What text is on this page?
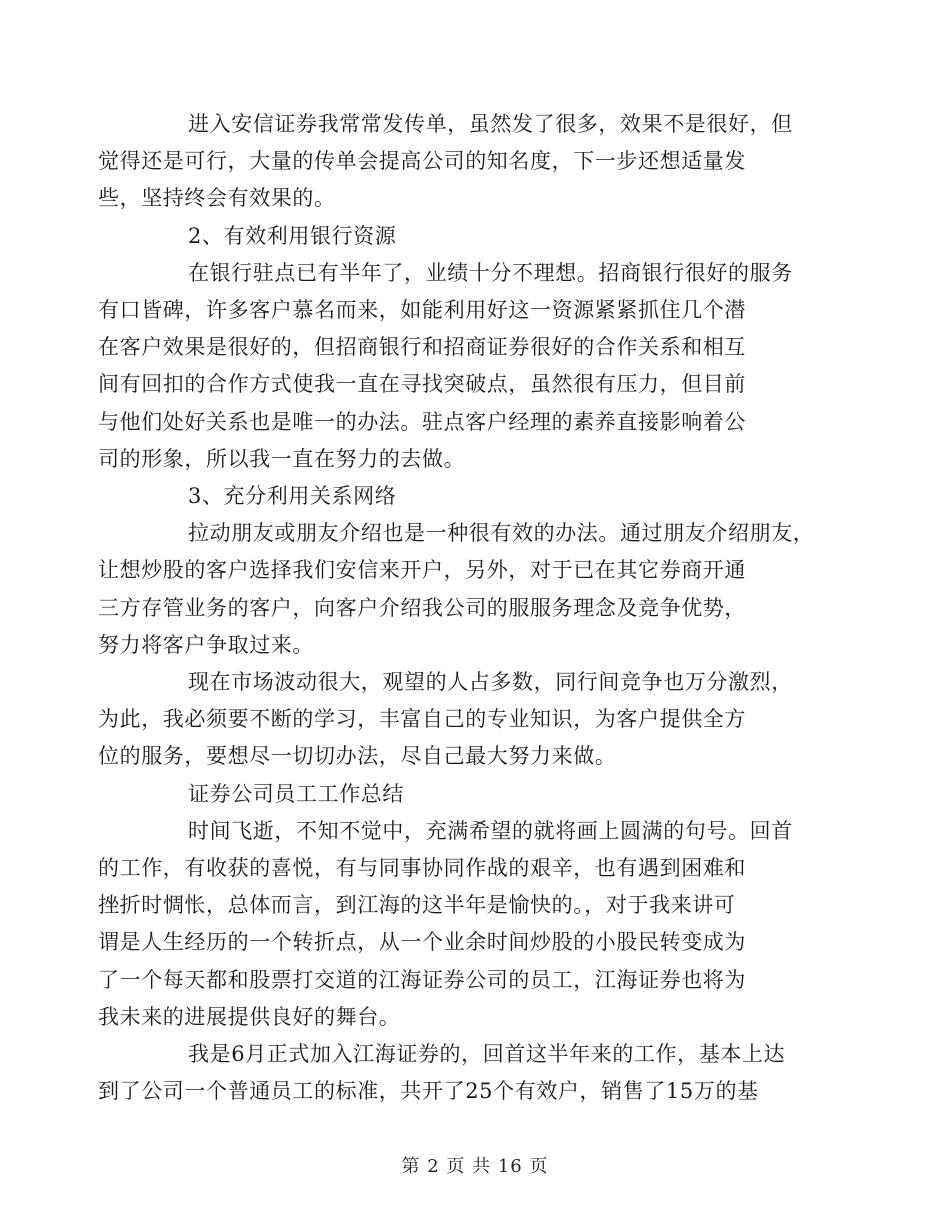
进入安信证券我常常发传单，虽然发了很多，效果不是很好，但
觉得还是可行，大量的传单会提高公司的知名度，下一步还想适量发
些，坚持终会有效果的。

2、有效利用银行资源

在银行驻点已有半年了，业绩十分不理想。招商银行很好的服务
有口皆碑，许多客户慕名而来，如能利用好这一资源紧紧抓住几个潜
在客户效果是很好的，但招商银行和招商证券很好的合作关系和相互
间有回扣的合作方式使我一直在寻找突破点，虽然很有压力，但目前
与他们处好关系也是唯一的办法。驻点客户经理的素养直接影响着公
司的形象，所以我一直在努力的去做。

3、充分利用关系网络

拉动朋友或朋友介绍也是一种很有效的办法。通过朋友介绍朋友，
让想炒股的客户选择我们安信来开户，另外，对于已在其它券商开通
三方存管业务的客户，向客户介绍我公司的服服务理念及竞争优势，
努力将客户争取过来。

现在市场波动很大，观望的人占多数，同行间竞争也万分激烈，
为此，我必须要不断的学习，丰富自己的专业知识，为客户提供全方
位的服务，要想尽一切切办法，尽自己最大努力来做。

证券公司员工工作总结

时间飞逝，不知不觉中，充满希望的就将画上圆满的句号。回首
的工作，有收获的喜悦，有与同事协同作战的艰辛，也有遇到困难和
挫折时惆怅，总体而言，到江海的这半年是愉快的。，对于我来讲可
谓是人生经历的一个转折点，从一个业余时间炒股的小股民转变成为
了一个每天都和股票打交道的江海证券公司的员工，江海证券也将为
我未来的进展提供良好的舞台。

我是6月正式加入江海证券的，回首这半年来的工作，基本上达
到了公司一个普通员工的标准，共开了25个有效户，销售了15万的基

第 2 页 共 16 页
